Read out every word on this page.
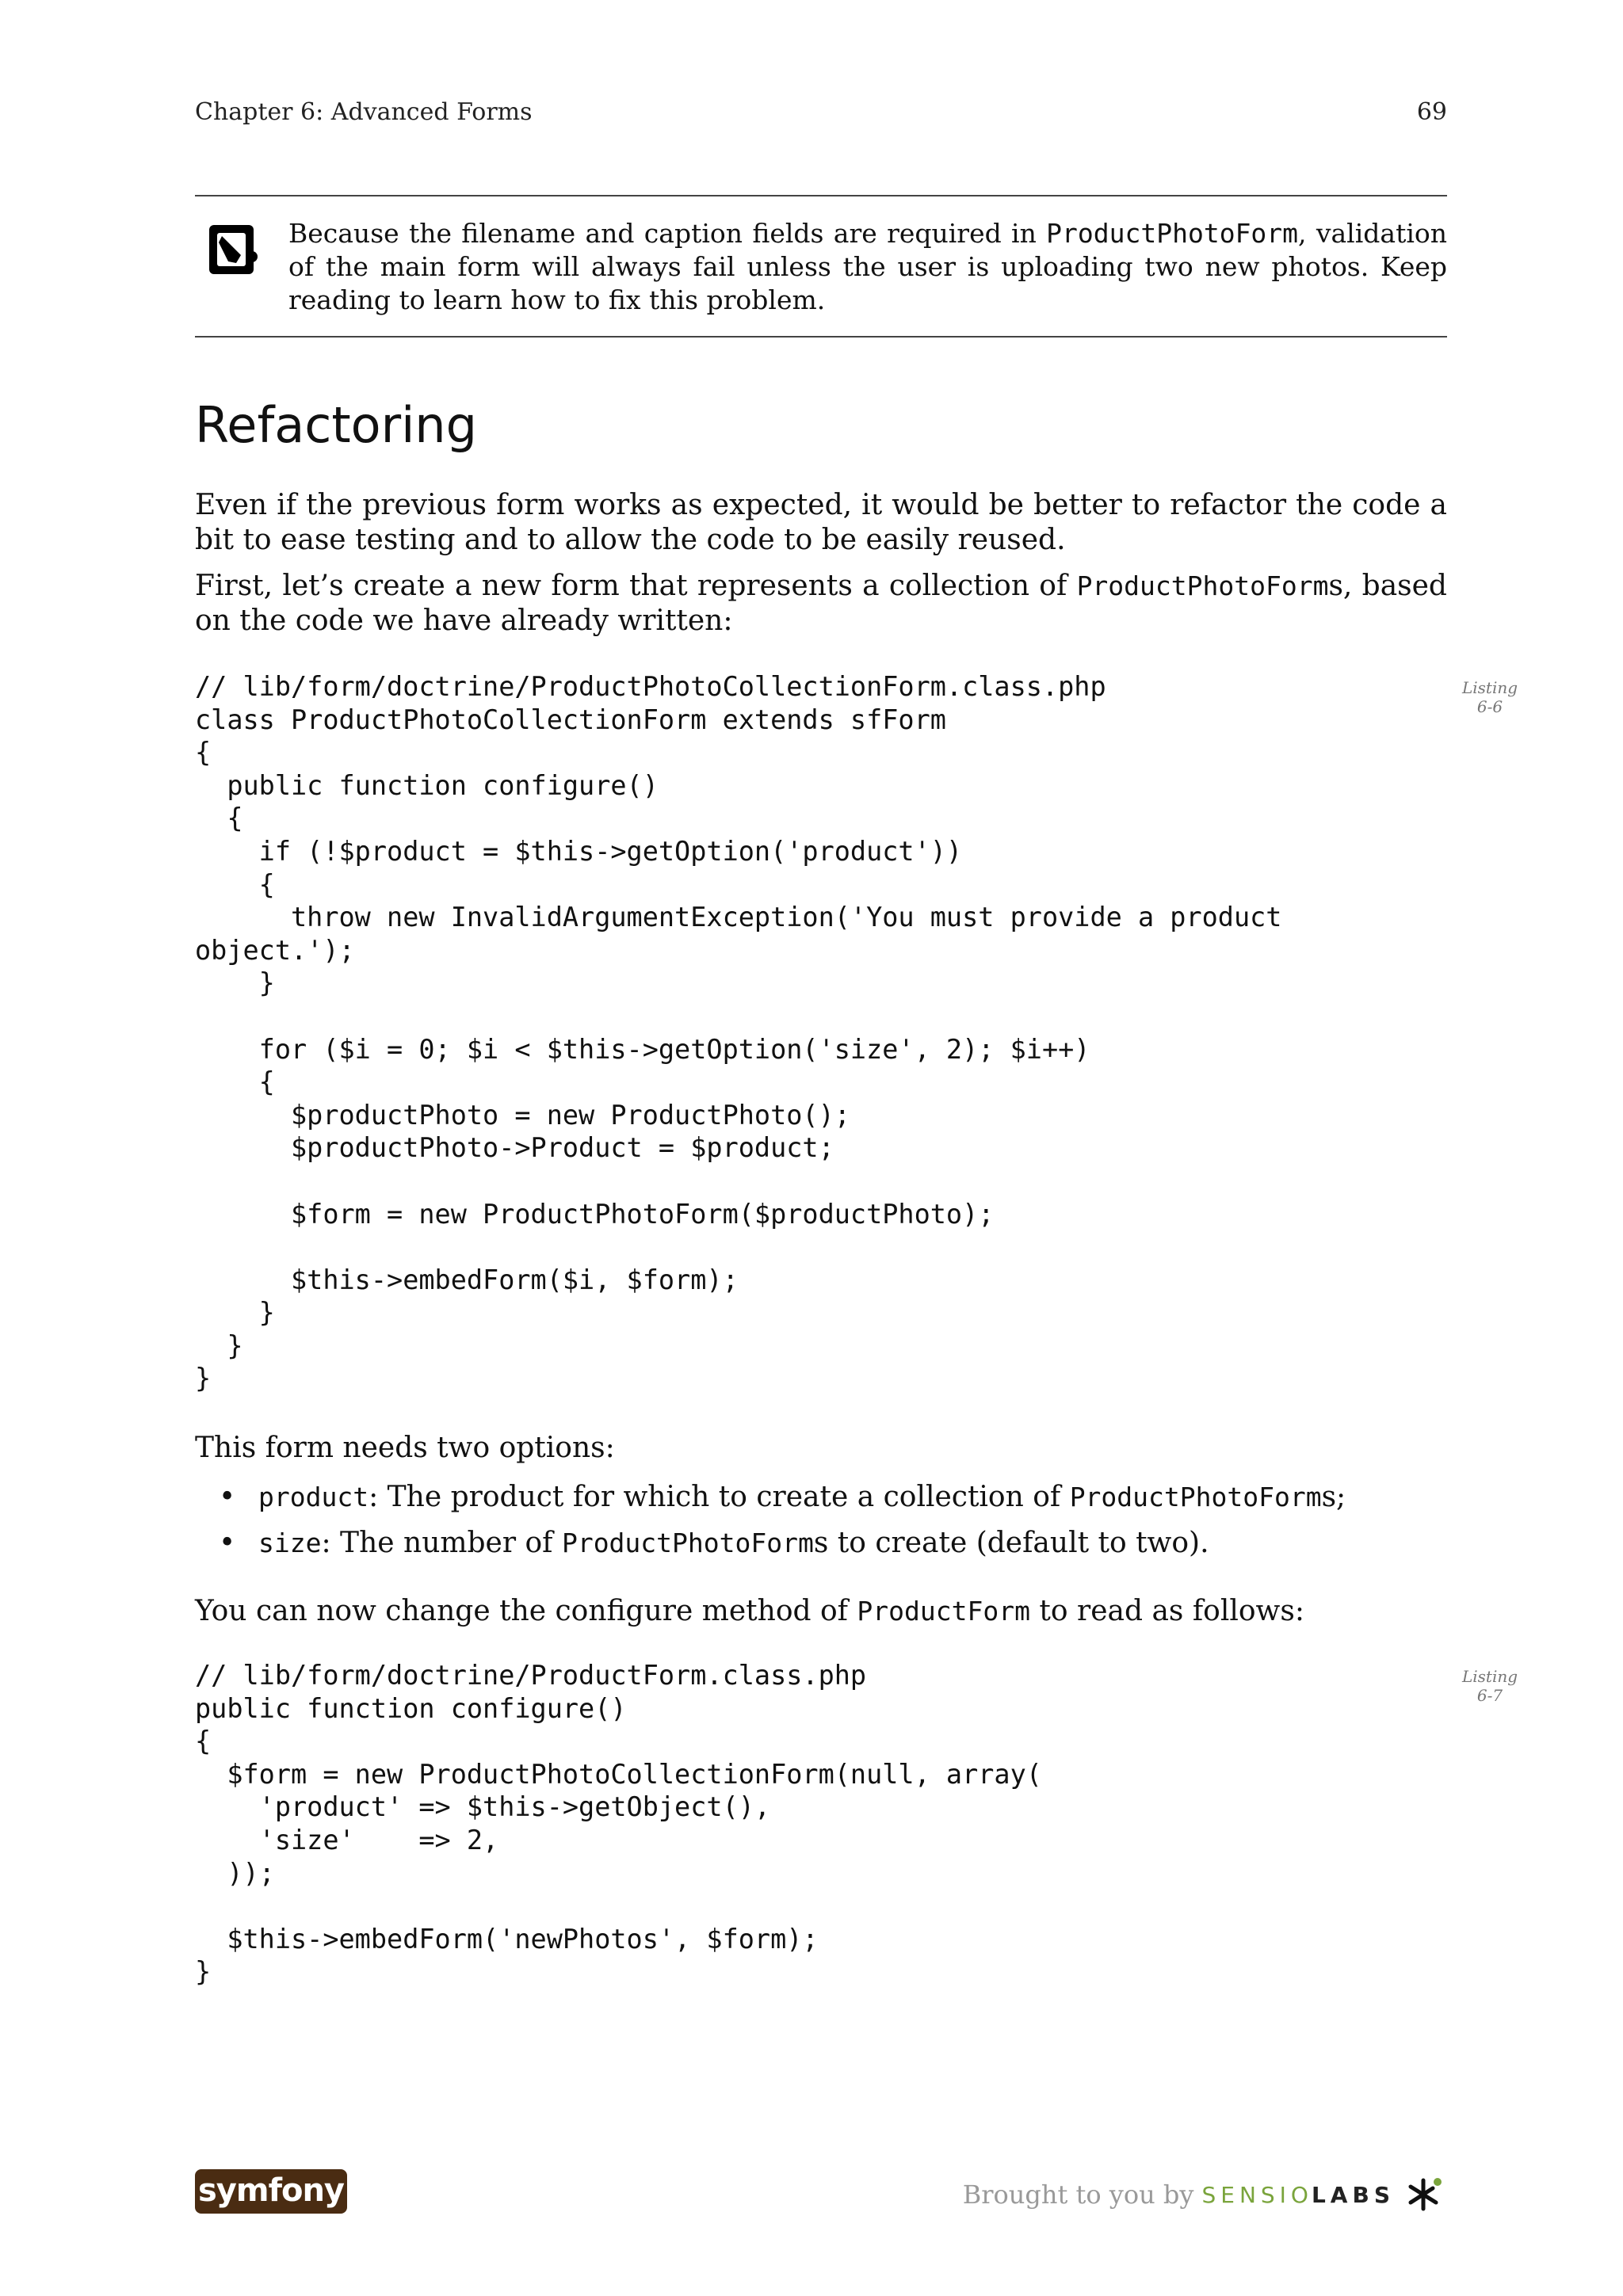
Chapter 6: Advanced Forms	69
Because the filename and caption fields are required in ProductPhotoForm, validation of the main form will always fail unless the user is uploading two new photos. Keep reading to learn how to fix this problem.
Refactoring

Even if the previous form works as expected, it would be better to refactor the code a bit to ease testing and to allow the code to be easily reused.

First, let’s create a new form that represents a collection of ProductPhotoForms, based on the code we have already written:

// lib/form/doctrine/ProductPhotoCollectionForm.class.php
class ProductPhotoCollectionForm extends sfForm
{
public function configure()
{
if (!$product = $this->getOption('product'))
{
throw new InvalidArgumentException('You must provide a product
object.');
}

for ($i = 0; $i < $this->getOption('size', 2); $i++)
{
$productPhoto = new ProductPhoto();
$productPhoto->Product = $product;

$form = new ProductPhotoForm($productPhoto);

$this->embedForm($i, $form);
}
}
}
Listing
6-6

This form needs two options:

• product: The product for which to create a collection of ProductPhotoForms;
• size: The number of ProductPhotoForms to create (default to two).

You can now change the configure method of ProductForm to read as follows:

// lib/form/doctrine/ProductForm.class.php
public function configure()
{
$form = new ProductPhotoCollectionForm(null, array(
'product' => $this->getObject(),
'size'    => 2,
));

$this->embedForm('newPhotos', $form);
}
Listing
6-7
symfony	Brought to you by SENSIO
LABS
